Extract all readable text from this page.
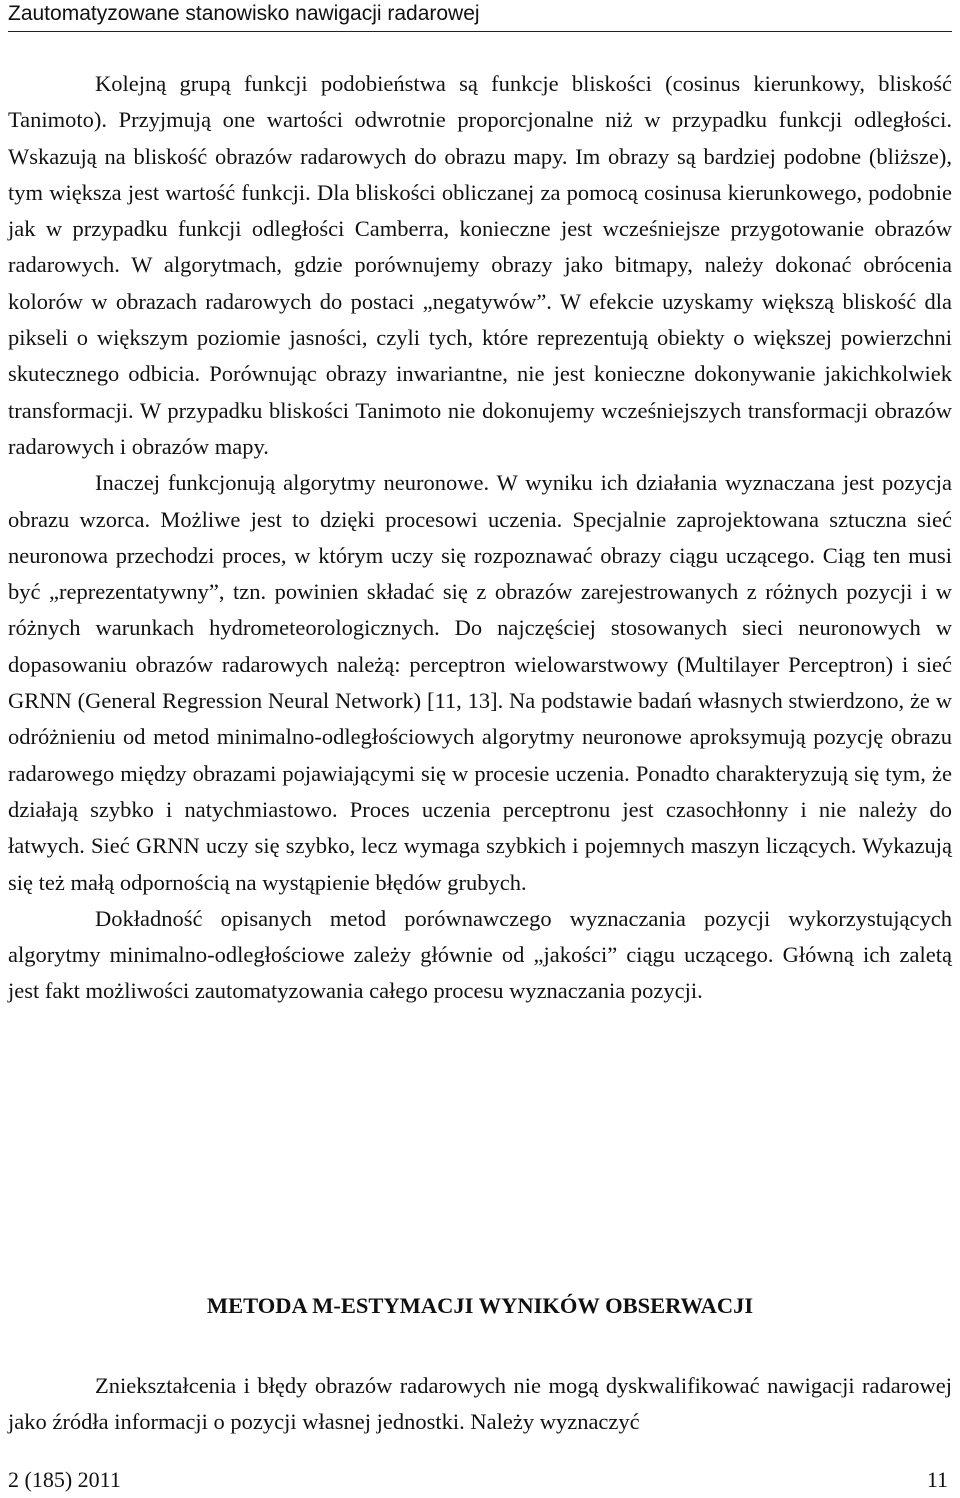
Zautomatyzowane stanowisko nawigacji radarowej

Kolejną grupą funkcji podobieństwa są funkcje bliskości (cosinus kierunkowy, bliskość Tanimoto). Przyjmują one wartości odwrotnie proporcjonalne niż w przypadku funkcji odległości. Wskazują na bliskość obrazów radarowych do obrazu mapy. Im obrazy są bardziej podobne (bliższe), tym większa jest wartość funkcji. Dla bliskości obliczanej za pomocą cosinusa kierunkowego, podobnie jak w przypadku funkcji odległości Camberra, konieczne jest wcześniejsze przygotowanie obrazów radarowych. W algorytmach, gdzie porównujemy obrazy jako bitmapy, należy dokonać obrócenia kolorów w obrazach radarowych do postaci „negatywów”. W efekcie uzyskamy większą bliskość dla pikseli o większym poziomie jasności, czyli tych, które reprezentują obiekty o większej powierzchni skutecznego odbicia. Porównując obrazy inwariantne, nie jest konieczne dokonywanie jakichkolwiek transformacji. W przypadku bliskości Tanimoto nie dokonujemy wcześniejszych transformacji obrazów radarowych i obrazów mapy.

Inaczej funkcjonują algorytmy neuronowe. W wyniku ich działania wyznaczana jest pozycja obrazu wzorca. Możliwe jest to dzięki procesowi uczenia. Specjalnie zaprojektowana sztuczna sieć neuronowa przechodzi proces, w którym uczy się rozpoznawać obrazy ciągu uczącego. Ciąg ten musi być „reprezentatywny”, tzn. powinien składać się z obrazów zarejestrowanych z różnych pozycji i w różnych warunkach hydrometeorologicznych. Do najczęściej stosowanych sieci neuronowych w dopasowaniu obrazów radarowych należą: perceptron wielowarstwowy (Multilayer Perceptron) i sieć GRNN (General Regression Neural Network) [11, 13]. Na podstawie badań własnych stwierdzono, że w odróżnieniu od metod minimalno-odległościowych algorytmy neuronowe aproksymują pozycję obrazu radarowego między obrazami pojawiającymi się w procesie uczenia. Ponadto charakteryzują się tym, że działają szybko i natychmiastowo. Proces uczenia perceptronu jest czasochłonny i nie należy do łatwych. Sieć GRNN uczy się szybko, lecz wymaga szybkich i pojemnych maszyn liczących. Wykazują się też małą odpornością na wystąpienie błędów grubych.

Dokładność opisanych metod porównawczego wyznaczania pozycji wykorzystujących algorytmy minimalno-odległościowe zależy głównie od „jakości” ciągu uczącego. Główną ich zaletą jest fakt możliwości zautomatyzowania całego procesu wyznaczania pozycji.

METODA M-ESTYMACJI WYNIKÓW OBSERWACJI

Zniekształcenia i błędy obrazów radarowych nie mogą dyskwalifikować nawigacji radarowej jako źródła informacji o pozycji własnej jednostki. Należy wyznaczyć

2 (185) 2011	11
